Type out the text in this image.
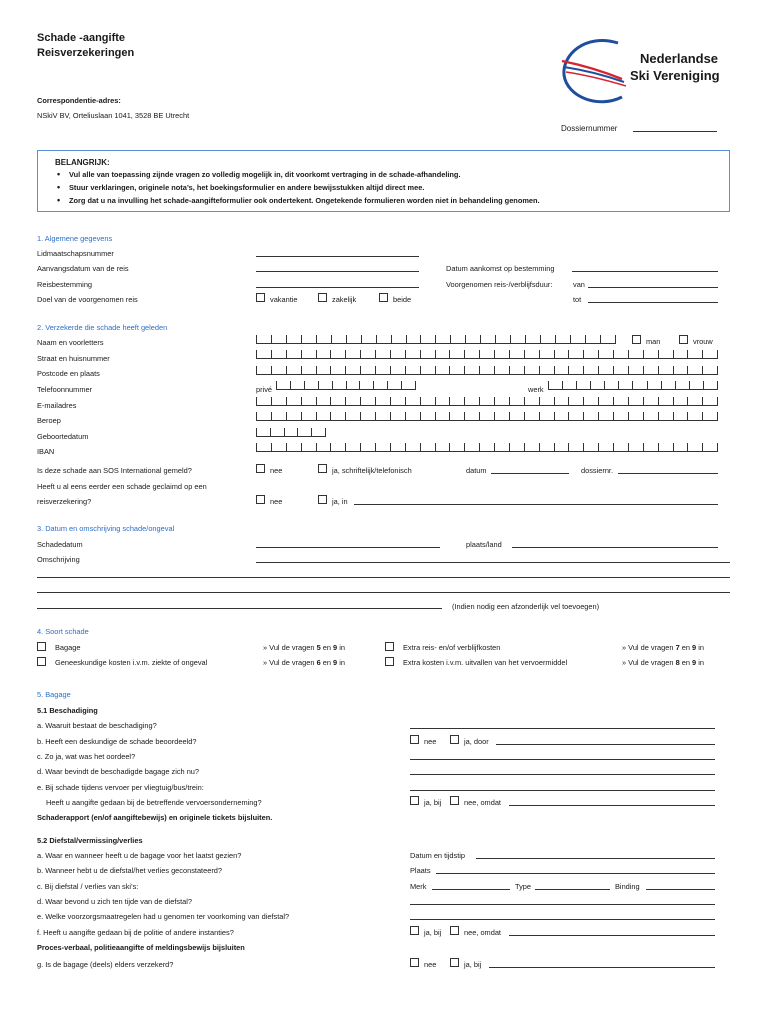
Schade -aangifte
Reisverzekeringen
Correspondentie-adres:
NSkiV BV, Orteliuslaan 1041, 3528 BE Utrecht
Nederlandse
Ski Vereniging
Dossiernummer
BELANGRIJK:
• Vul alle van toepassing zijnde vragen zo volledig mogelijk in, dit voorkomt vertraging in de schade-afhandeling.
• Stuur verklaringen, originele nota’s, het boekingsformulier en andere bewijsstukken altijd direct mee.
• Zorg dat u na invulling het schade-aangifteformulier ook ondertekent. Ongetekende formulieren worden niet in behandeling genomen.
1. Algemene gegevens
Lidmaatschapsnummer
Aanvangsdatum van de reis	Datum aankomst op bestemming
Reisbestemming	Voorgenomen reis-/verblijfsduur:	van
Doel van de voorgenomen reis	vakantie	zakelijk	beide	tot
2. Verzekerde die schade heeft geleden
Naam en voorletters	man	vrouw
Straat en huisnummer
Postcode en plaats
Telefoonnummer	privé	werk
E-mailadres
Beroep
Geboortedatum
IBAN
Is deze schade aan SOS International gemeld?	nee	ja, schriftelijk/telefonisch	datum	dossiernr.
Heeft u al eens eerder een schade geclaimd op een
reisverzekering?	nee	ja, in
3. Datum en omschrijving schade/ongeval
Schadedatum	plaats/land
Omschrijving
(Indien nodig een afzonderlijk vel toevoegen)
4. Soort schade
Bagage	» Vul de vragen 5 en 9 in	Extra reis- en/of verblijfkosten	» Vul de vragen 7 en 9 in
Geneeskundige kosten i.v.m. ziekte of ongeval	» Vul de vragen 6 en 9 in	Extra kosten i.v.m. uitvallen van het vervoermiddel	» Vul de vragen 8 en 9 in
5. Bagage
5.1 Beschadiging
a. Waaruit bestaat de beschadiging?
b. Heeft een deskundige de schade beoordeeld?	nee	ja, door
c. Zo ja, wat was het oordeel?
d. Waar bevindt de beschadigde bagage zich nu?
e. Bij schade tijdens vervoer per vliegtuig/bus/trein:
Heeft u aangifte gedaan bij de betreffende vervoersonderneming?	ja, bij	nee, omdat
Schaderapport (en/of aangiftebewijs) en originele tickets bijsluiten.
5.2 Diefstal/vermissing/verlies
a. Waar en wanneer heeft u de bagage voor het laatst gezien?	Datum en tijdstip
b. Wanneer hebt u de diefstal/het verlies geconstateerd?	Plaats
c. Bij diefstal / verlies van ski’s:	Merk	Type	Binding
d. Waar bevond u zich ten tijde van de diefstal?
e. Welke voorzorgsmaatregelen had u genomen ter voorkoming van diefstal?
f. Heeft u aangifte gedaan bij de politie of andere instanties?	ja, bij	nee, omdat
Proces-verbaal, politieaangifte of meldingsbewijs bijsluiten
g. Is de bagage (deels) elders verzekerd?	nee	ja, bij
